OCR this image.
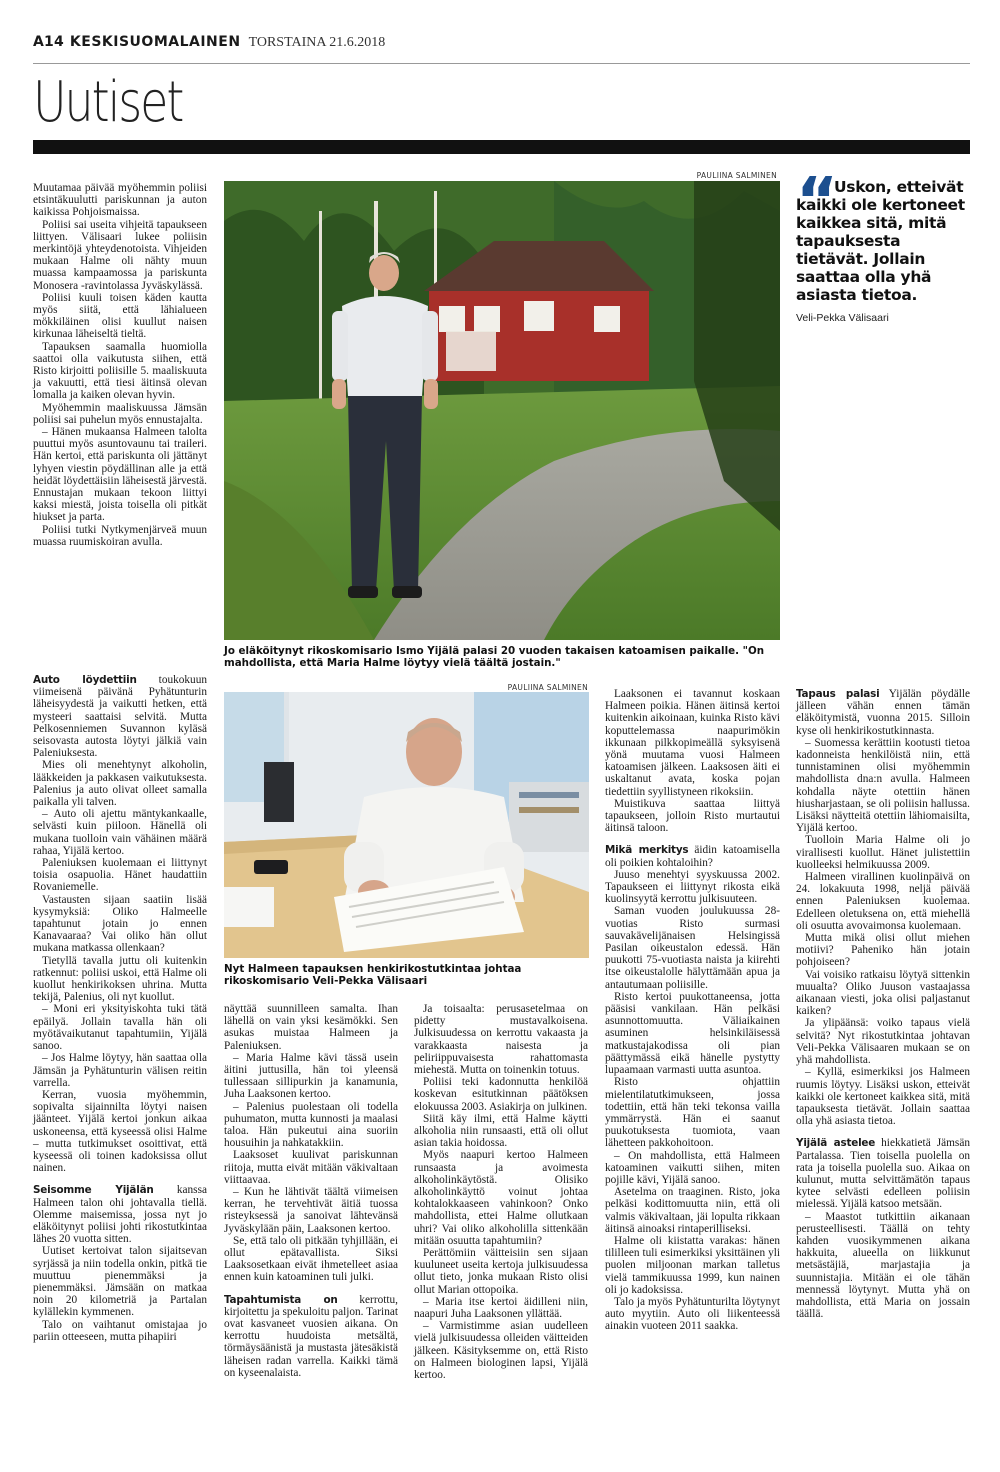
A14 KESKISUOMALAINEN TORSTAINA 21.6.2018
Uutiset

Muutamaa päivää myöhemmin poliisi etsintäkuulutti pariskunnan ja auton kaikissa Pohjoismaissa.

Poliisi sai useita vihjeitä tapaukseen liittyen. Välisaari lukee poliisin merkintöjä yhteydenotoista. Vihjeiden mukaan Halme oli nähty muun muassa kampaamossa ja pariskunta Monosera -ravintolassa Jyväskylässä.

Poliisi kuuli toisen käden kautta myös siitä, että lähialueen mökkiläinen olisi kuullut naisen kirkunaa läheiseltä tieltä.

Tapauksen saamalla huomiolla saattoi olla vaikutusta siihen, että Risto kirjoitti poliisille 5. maaliskuuta ja vakuutti, että tiesi äitinsä olevan lomalla ja kaiken olevan hyvin.

Myöhemmin maaliskuussa Jämsän poliisi sai puhelun myös ennustajalta.

– Hänen mukaansa Halmeen talolta puuttui myös asuntovaunu tai traileri. Hän kertoi, että pariskunta oli jättänyt lyhyen viestin pöydällinan alle ja että heidät löydettäisiin läheisestä järvestä. Ennustajan mukaan tekoon liittyi kaksi miestä, joista toisella oli pitkät hiukset ja parta.

Poliisi tutki Nytkymenjärveä muun muassa ruumiskoiran avulla.

Auto löydettiin toukokuun viimeisenä päivänä Pyhätunturin läheisyydestä ja vaikutti hetken, että mysteeri saattaisi selvitä. Mutta Pelkosenniemen Suvannon kyläsä seisovasta autosta löytyi jälkiä vain Paleniuksesta.

Mies oli menehtynyt alkoholin, lääkkeiden ja pakkasen vaikutuksesta. Palenius ja auto olivat olleet samalla paikalla yli talven.

– Auto oli ajettu mäntykankaalle, selvästi kuin piiloon. Hänellä oli mukana tuolloin vain vähäinen määrä rahaa, Yijälä kertoo.

Paleniuksen kuolemaan ei liittynyt toisia osapuolia. Hänet haudattiin Rovaniemelle.

Vastausten sijaan saatiin lisää kysymyksiä: Oliko Halmeelle tapahtunut jotain jo ennen Kanavaaraa? Vai oliko hän ollut mukana matkassa ollenkaan?

Tietyllä tavalla juttu oli kuitenkin ratkennut: poliisi uskoi, että Halme oli kuollut henkirikoksen uhrina. Mutta tekijä, Palenius, oli nyt kuollut.

– Moni eri yksityiskohta tuki tätä epäilyä. Jollain tavalla hän oli myötävaikutanut tapahtumiin, Yijälä sanoo.

– Jos Halme löytyy, hän saattaa olla Jämsän ja Pyhätunturin välisen reitin varrella.

Kerran, vuosia myöhemmin, sopivalta sijainnilta löytyi naisen jäänteet. Yijälä kertoi jonkun aikaa uskoneensa, että kyseessä olisi Halme – mutta tutkimukset osoittivat, että kyseessä oli toinen kadoksissa ollut nainen.

Seisomme Yijälän kanssa Halmeen talon ohi johtavalla tiellä. Olemme maisemissa, jossa nyt jo eläköitynyt poliisi johti rikostutkintaa lähes 20 vuotta sitten.

Uutiset kertoivat talon sijaitsevan syrjässä ja niin todella onkin, pitkä tie muuttuu pienemmäksi ja pienemmäksi. Jämsään on matkaa noin 20 kilometriä ja Partalan kylällekin kymmenen.

Talo on vaihtanut omistajaa jo pariin otteeseen, mutta pihapiiri

PAULIINA SALMINEN
Jo eläköitynyt rikoskomisario Ismo Yijälä palasi 20 vuoden takaisen katoamisen paikalle. "On mahdollista, että Maria Halme löytyy vielä täältä jostain."
“
Uskon, etteivät kaikki ole kertoneet kaikkea sitä, mitä tapauksesta tietävät. Jollain saattaa olla yhä asiasta tietoa.
Veli-Pekka Välisaari
PAULIINA SALMINEN
Nyt Halmeen tapauksen henkirikostutkintaa johtaa rikoskomisario Veli-Pekka Välisaari

näyttää suunnilleen samalta. Ihan lähellä on vain yksi kesämökki. Sen asukas muistaa Halmeen ja Paleniuksen.

– Maria Halme kävi tässä usein äitini juttusilla, hän toi yleensä tullessaan sillipurkin ja kanamunia, Juha Laaksonen kertoo.

– Palenius puolestaan oli todella puhumaton, mutta kunnosti ja maalasi taloa. Hän pukeutui aina suoriin housuihin ja nahkatakkiin.

Laaksoset kuulivat pariskunnan riitoja, mutta eivät mitään väkivaltaan viittaavaa.

– Kun he lähtivät täältä viimeisen kerran, he tervehtivät äitiä tuossa risteyksessä ja sanoivat lähtevänsä Jyväskylään päin, Laaksonen kertoo.

Se, että talo oli pitkään tyhjillään, ei ollut epätavallista. Siksi Laaksosetkaan eivät ihmetelleet asiaa ennen kuin katoaminen tuli julki.

Tapahtumista on kerrottu, kirjoitettu ja spekuloitu paljon. Tarinat ovat kasvaneet vuosien aikana. On kerrottu huudoista metsältä, törmäysäänistä ja mustasta jätesäkistä läheisen radan varrella. Kaikki tämä on kyseenalaista.

Ja toisaalta: perusasetelmaa on pidetty mustavalkoisena. Julkisuudessa on kerrottu vakaasta ja varakkaasta naisesta ja peliriippuvaisesta rahattomasta miehestä. Mutta on toinenkin totuus.

Poliisi teki kadonnutta henkilöä koskevan esitutkinnan päätöksen elokuussa 2003. Asiakirja on julkinen.

Siitä käy ilmi, että Halme käytti alkoholia niin runsaasti, että oli ollut asian takia hoidossa.

Myös naapuri kertoo Halmeen runsaasta ja avoimesta alkoholinkäytöstä. Olisiko alkoholinkäyttö voinut johtaa kohtalokkaaseen vahinkoon? Onko mahdollista, ettei Halme ollutkaan uhri? Vai oliko alkoholilla sittenkään mitään osuutta tapahtumiin?

Perättömiin väitteisiin sen sijaan kuuluneet useita kertoja julkisuudessa ollut tieto, jonka mukaan Risto olisi ollut Marian ottopoika.

– Maria itse kertoi äidilleni niin, naapuri Juha Laaksonen yllättää.

– Varmistimme asian uudelleen vielä julkisuudessa olleiden väitteiden jälkeen. Käsityksemme on, että Risto on Halmeen biologinen lapsi, Yijälä kertoo.

Laaksonen ei tavannut koskaan Halmeen poikia. Hänen äitinsä kertoi kuitenkin aikoinaan, kuinka Risto kävi koputtelemassa naapurimökin ikkunaan pilkkopimeällä syksyisenä yönä muutama vuosi Halmeen katoamisen jälkeen. Laaksosen äiti ei uskaltanut avata, koska pojan tiedettiin syyllistyneen rikoksiin.

Muistikuva saattaa liittyä tapaukseen, jolloin Risto murtautui äitinsä taloon.

Mikä merkitys äidin katoamisella oli poikien kohtaloihin?

Juuso menehtyi syyskuussa 2002. Tapaukseen ei liittynyt rikosta eikä kuolinsyytä kerrottu julkisuuteen.

Saman vuoden joulukuussa 28-vuotias Risto surmasi sauvakävelijänaisen Helsingissä Pasilan oikeustalon edessä. Hän puukotti 75-vuotiasta naista ja kiirehti itse oikeustalolle hälyttämään apua ja antautumaan poliisille.

Risto kertoi puukottaneensa, jotta pääsisi vankilaan. Hän pelkäsi asunnottomuutta. Väliaikainen asuminen helsinkiläisessä matkustajakodissa oli pian päättymässä eikä hänelle pystytty lupaamaan varmasti uutta asuntoa.

Risto ohjattiin mielentilatutkimukseen, jossa todettiin, että hän teki tekonsa vailla ymmärrystä. Hän ei saanut puukotuksesta tuomiota, vaan lähetteen pakkohoitoon.

– On mahdollista, että Halmeen katoaminen vaikutti siihen, miten pojille kävi, Yijälä sanoo.

Asetelma on traaginen. Risto, joka pelkäsi kodittomuutta niin, että oli valmis väkivaltaan, jäi lopulta rikkaan äitinsä ainoaksi rintaperilliseksi.

Halme oli kiistatta varakas: hänen tililleen tuli esimerkiksi yksittäinen yli puolen miljoonan markan talletus vielä tammikuussa 1999, kun nainen oli jo kadoksissa.

Talo ja myös Pyhätunturilta löytynyt auto myytiin. Auto oli liikenteessä ainakin vuoteen 2011 saakka.

Tapaus palasi Yijälän pöydälle jälleen vähän ennen tämän eläköitymistä, vuonna 2015. Silloin kyse oli henkirikostutkinnasta.

– Suomessa kerättiin kootusti tietoa kadonneista henkilöistä niin, että tunnistaminen olisi myöhemmin mahdollista dna:n avulla. Halmeen kohdalla näyte otettiin hänen hiusharjastaan, se oli poliisin hallussa. Lisäksi näytteitä otettiin lähiomaisilta, Yijälä kertoo.

Tuolloin Maria Halme oli jo virallisesti kuollut. Hänet julistettiin kuolleeksi helmikuussa 2009.

Halmeen virallinen kuolinpäivä on 24. lokakuuta 1998, neljä päivää ennen Paleniuksen kuolemaa. Edelleen oletuksena on, että miehellä oli osuutta avovaimonsa kuolemaan.

Mutta mikä olisi ollut miehen motiivi? Paheniko hän jotain pohjoiseen?

Vai voisiko ratkaisu löytyä sittenkin muualta? Oliko Juuson vastaajassa aikanaan viesti, joka olisi paljastanut kaiken?

Ja ylipäänsä: voiko tapaus vielä selvitä? Nyt rikostutkintaa johtavan Veli-Pekka Välisaaren mukaan se on yhä mahdollista.

– Kyllä, esimerkiksi jos Halmeen ruumis löytyy. Lisäksi uskon, etteivät kaikki ole kertoneet kaikkea sitä, mitä tapauksesta tietävät. Jollain saattaa olla yhä asiasta tietoa.

Yijälä astelee hiekkatietä Jämsän Partalassa. Tien toisella puolella on rata ja toisella puolella suo. Aikaa on kulunut, mutta selvittämätön tapaus kytee selvästi edelleen poliisin mielessä. Yijälä katsoo metsään.

– Maastot tutkittiin aikanaan perusteellisesti. Täällä on tehty kahden vuosikymmenen aikana hakkuita, alueella on liikkunut metsästäjiä, marjastajia ja suunnistajia. Mitään ei ole tähän mennessä löytynyt. Mutta yhä on mahdollista, että Maria on jossain täällä.
